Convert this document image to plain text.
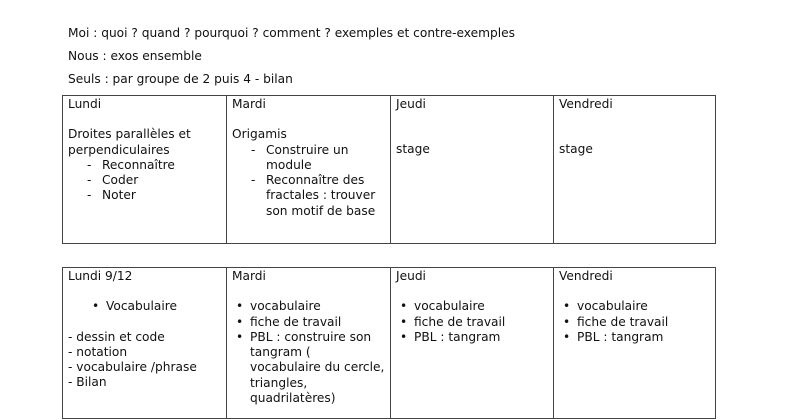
Moi : quoi ? quand ? pourquoi ? comment ? exemples et contre-exemples
Nous : exos ensemble
Seuls : par groupe de 2 puis 4 - bilan
Lundi
Droites parallèles et
perpendiculaires
- Reconnaître
- Coder
- Noter

Mardi
Origamis
- Construire un module
- Reconnaître des fractales : trouver son motif de base

Jeudi
stage

Vendredi
stage
Lundi 9/12
• Vocabulaire
- dessin et code
- notation
- vocabulaire /phrase
- Bilan

Mardi
• vocabulaire
• fiche de travail
• PBL : construire son tangram ( vocabulaire du cercle, triangles, quadrilatères)

Jeudi
• vocabulaire
• fiche de travail
• PBL : tangram

Vendredi
• vocabulaire
• fiche de travail
• PBL : tangram
